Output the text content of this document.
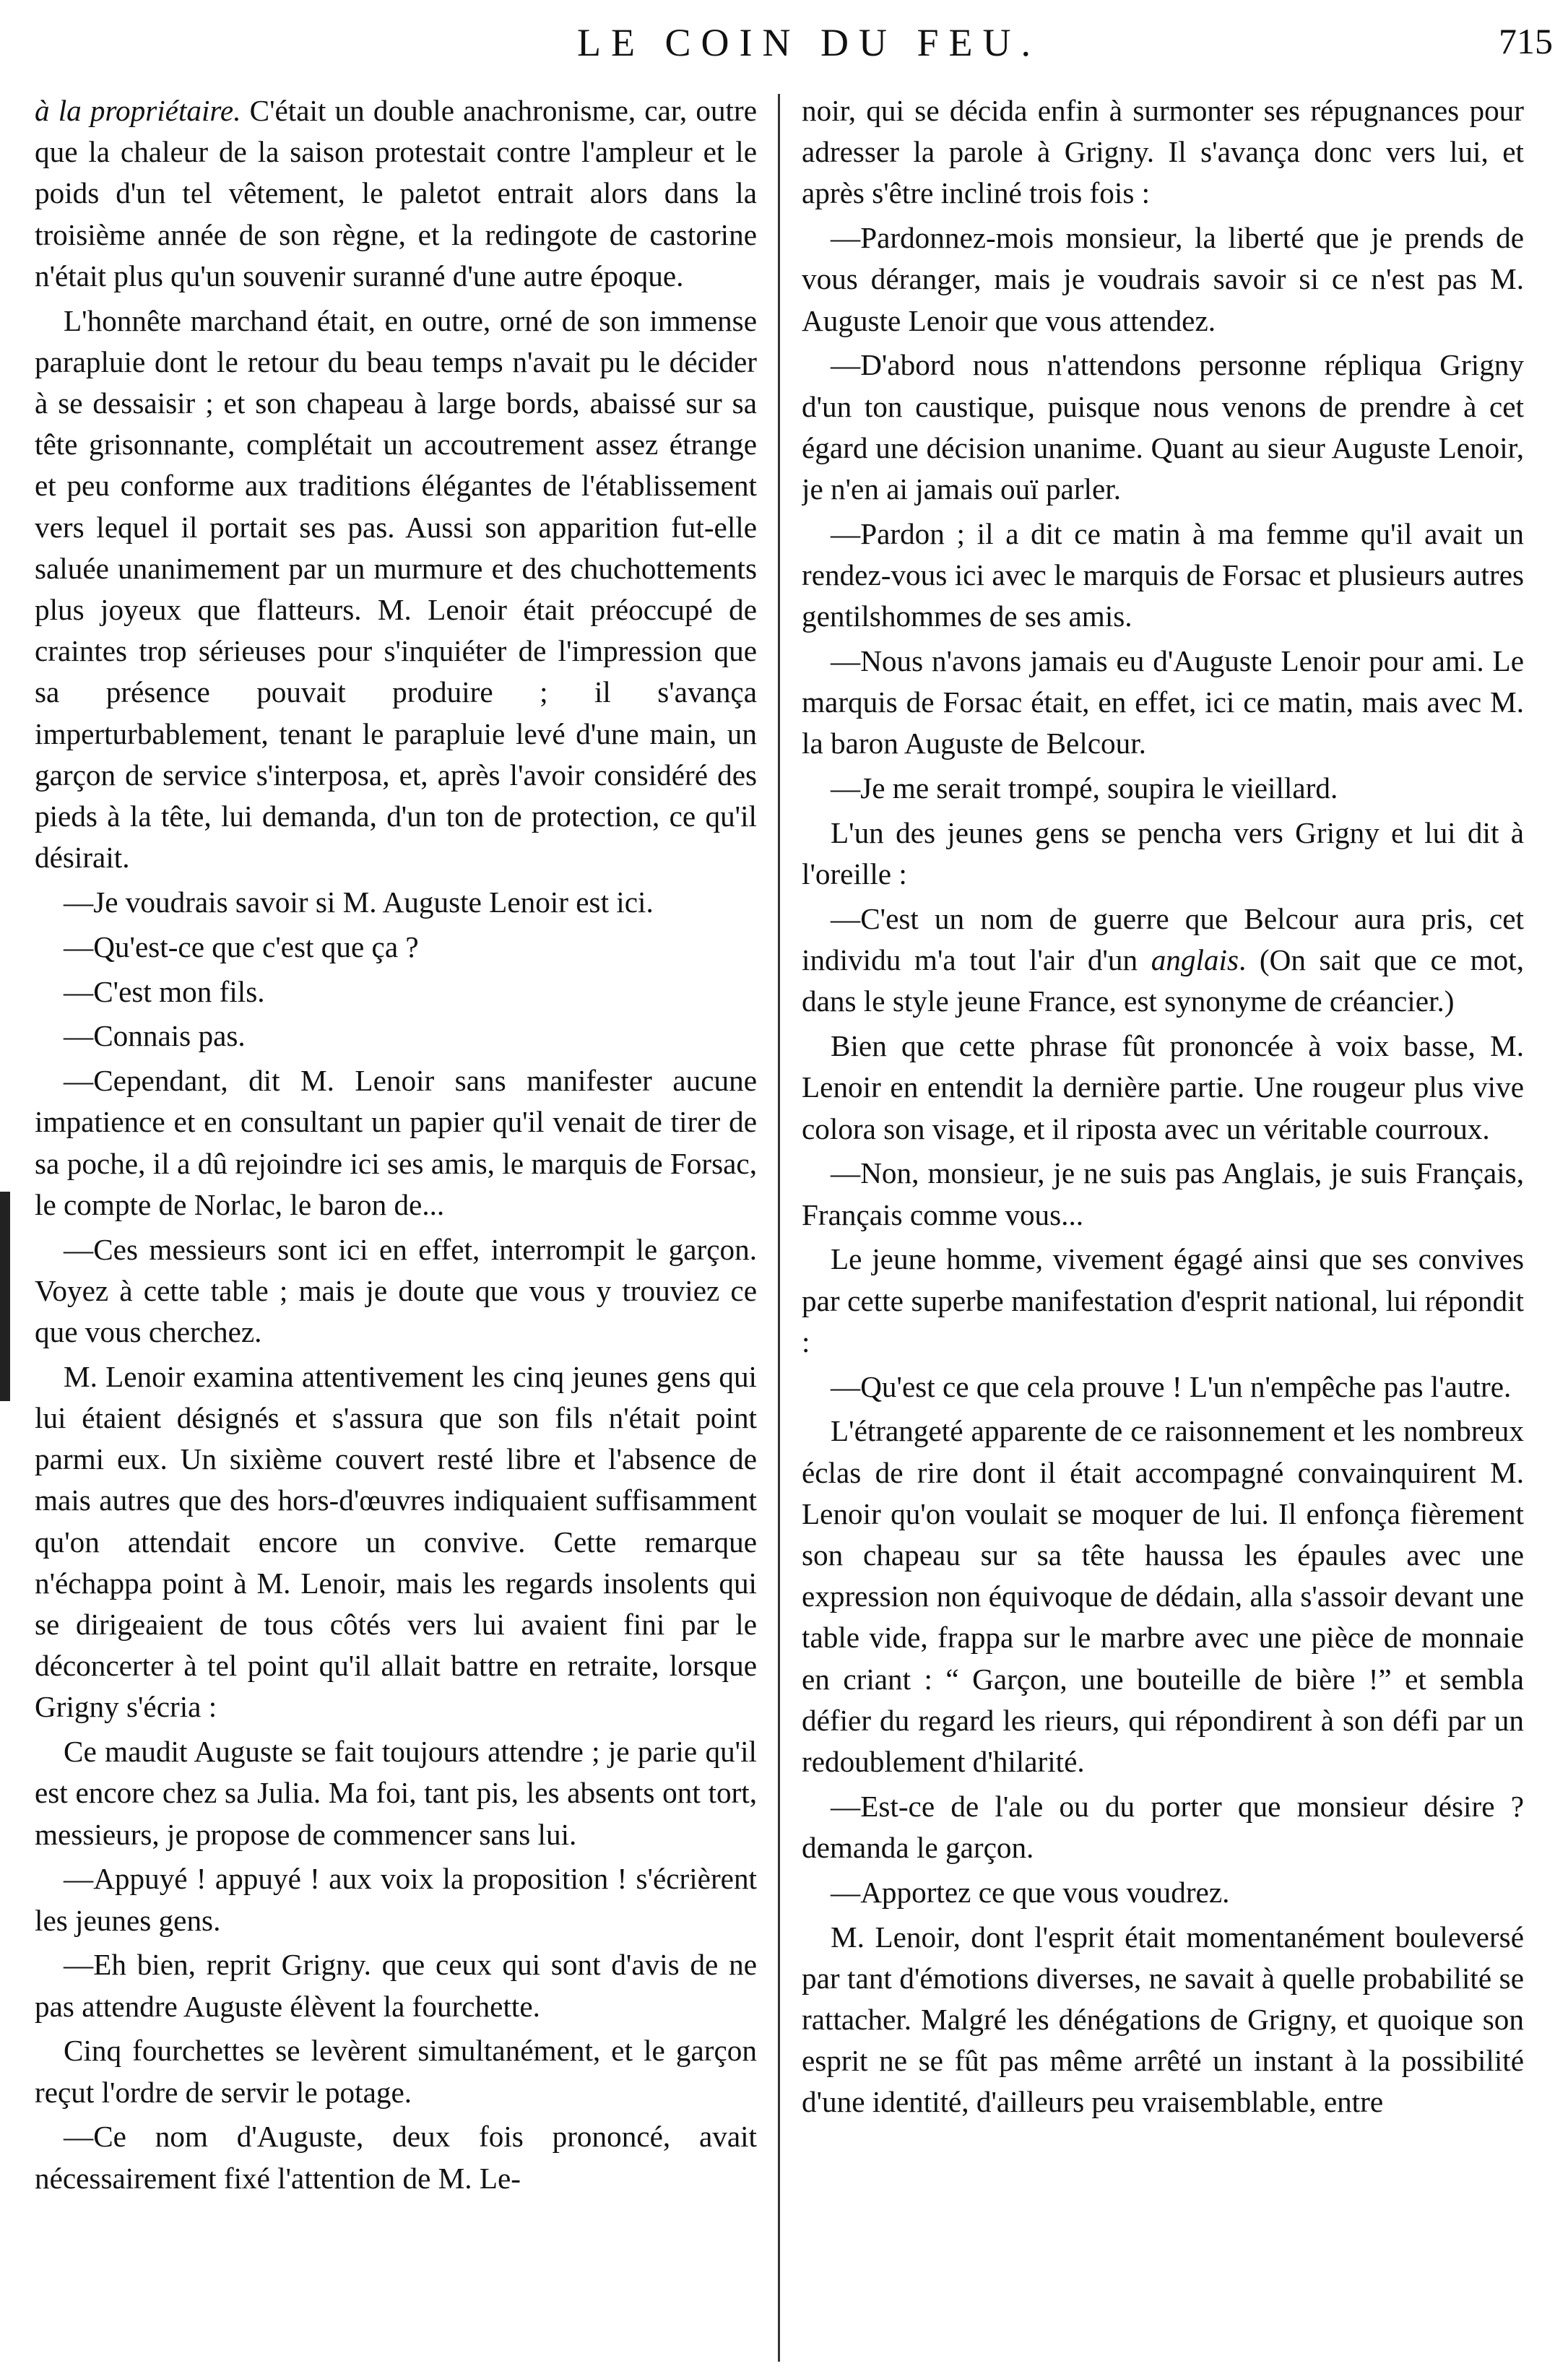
LE COIN DU FEU.	715

à la propriétaire. C'était un double anachronisme, car, outre que la chaleur de la saison protestait contre l'ampleur et le poids d'un tel vêtement, le paletot entrait alors dans la troisième année de son règne, et la redingote de castorine n'était plus qu'un souvenir suranné d'une autre époque.

L'honnête marchand était, en outre, orné de son immense parapluie dont le retour du beau temps n'avait pu le décider à se dessaisir ; et son chapeau à large bords, abaissé sur sa tête grisonnante, complétait un accoutrement assez étrange et peu conforme aux traditions élégantes de l'établissement vers lequel il portait ses pas. Aussi son apparition fut-elle saluée unanimement par un murmure et des chuchottements plus joyeux que flatteurs. M. Lenoir était préoccupé de craintes trop sérieuses pour s'inquiéter de l'impression que sa présence pouvait produire ; il s'avança imperturbablement, tenant le parapluie levé d'une main, un garçon de service s'interposa, et, après l'avoir considéré des pieds à la tête, lui demanda, d'un ton de protection, ce qu'il désirait.

—Je voudrais savoir si M. Auguste Lenoir est ici.

—Qu'est-ce que c'est que ça ?

—C'est mon fils.

—Connais pas.

—Cependant, dit M. Lenoir sans manifester aucune impatience et en consultant un papier qu'il venait de tirer de sa poche, il a dû rejoindre ici ses amis, le marquis de Forsac, le compte de Norlac, le baron de...

—Ces messieurs sont ici en effet, interrompit le garçon. Voyez à cette table ; mais je doute que vous y trouviez ce que vous cherchez.

M. Lenoir examina attentivement les cinq jeunes gens qui lui étaient désignés et s'assura que son fils n'était point parmi eux. Un sixième couvert resté libre et l'absence de mais autres que des hors-d'œuvres indiquaient suffisamment qu'on attendait encore un convive. Cette remarque n'échappa point à M. Lenoir, mais les regards insolents qui se dirigeaient de tous côtés vers lui avaient fini par le déconcerter à tel point qu'il allait battre en retraite, lorsque Grigny s'écria :

Ce maudit Auguste se fait toujours attendre ; je parie qu'il est encore chez sa Julia. Ma foi, tant pis, les absents ont tort, messieurs, je propose de commencer sans lui.

—Appuyé ! appuyé ! aux voix la proposition ! s'écrièrent les jeunes gens.

—Eh bien, reprit Grigny. que ceux qui sont d'avis de ne pas attendre Auguste élèvent la fourchette.

Cinq fourchettes se levèrent simultanément, et le garçon reçut l'ordre de servir le potage.

—Ce nom d'Auguste, deux fois prononcé, avait nécessairement fixé l'attention de M. Le-

noir, qui se décida enfin à surmonter ses répugnances pour adresser la parole à Grigny. Il s'avança donc vers lui, et après s'être incliné trois fois :

—Pardonnez-mois monsieur, la liberté que je prends de vous déranger, mais je voudrais savoir si ce n'est pas M. Auguste Lenoir que vous attendez.

—D'abord nous n'attendons personne répliqua Grigny d'un ton caustique, puisque nous venons de prendre à cet égard une décision unanime. Quant au sieur Auguste Lenoir, je n'en ai jamais ouï parler.

—Pardon ; il a dit ce matin à ma femme qu'il avait un rendez-vous ici avec le marquis de Forsac et plusieurs autres gentilshommes de ses amis.

—Nous n'avons jamais eu d'Auguste Lenoir pour ami. Le marquis de Forsac était, en effet, ici ce matin, mais avec M. la baron Auguste de Belcour.

—Je me serait trompé, soupira le vieillard.

L'un des jeunes gens se pencha vers Grigny et lui dit à l'oreille :

—C'est un nom de guerre que Belcour aura pris, cet individu m'a tout l'air d'un anglais. (On sait que ce mot, dans le style jeune France, est synonyme de créancier.)

Bien que cette phrase fût prononcée à voix basse, M. Lenoir en entendit la dernière partie. Une rougeur plus vive colora son visage, et il riposta avec un véritable courroux.

—Non, monsieur, je ne suis pas Anglais, je suis Français, Français comme vous...

Le jeune homme, vivement égagé ainsi que ses convives par cette superbe manifestation d'esprit national, lui répondit :

—Qu'est ce que cela prouve ! L'un n'empêche pas l'autre.

L'étrangeté apparente de ce raisonnement et les nombreux éclas de rire dont il était accompagné convainquirent M. Lenoir qu'on voulait se moquer de lui. Il enfonça fièrement son chapeau sur sa tête haussa les épaules avec une expression non équivoque de dédain, alla s'assoir devant une table vide, frappa sur le marbre avec une pièce de monnaie en criant : “ Garçon, une bouteille de bière !” et sembla défier du regard les rieurs, qui répondirent à son défi par un redoublement d'hilarité.

—Est-ce de l'ale ou du porter que monsieur désire ? demanda le garçon.

—Apportez ce que vous voudrez.

M. Lenoir, dont l'esprit était momentanément bouleversé par tant d'émotions diverses, ne savait à quelle probabilité se rattacher. Malgré les dénégations de Grigny, et quoique son esprit ne se fût pas même arrêté un instant à la possibilité d'une identité, d'ailleurs peu vraisemblable, entre
